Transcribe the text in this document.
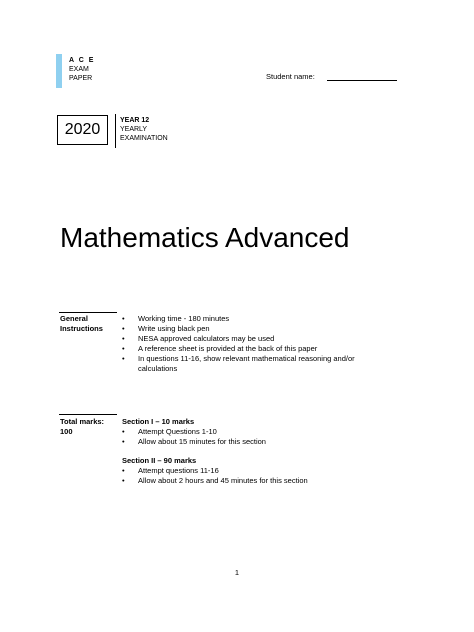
A C E
EXAM
PAPER	Student name:
2020
YEAR 12
YEARLY
EXAMINATION
Mathematics Advanced
General
Instructions
• Working time - 180 minutes
• Write using black pen
• NESA approved calculators may be used
• A reference sheet is provided at the back of this paper
• In questions 11-16, show relevant mathematical reasoning and/or calculations
Total marks:
100
Section I – 10 marks
• Attempt Questions 1-10
• Allow about 15 minutes for this section
Section II – 90 marks
• Attempt questions 11-16
• Allow about 2 hours and 45 minutes for this section
1
